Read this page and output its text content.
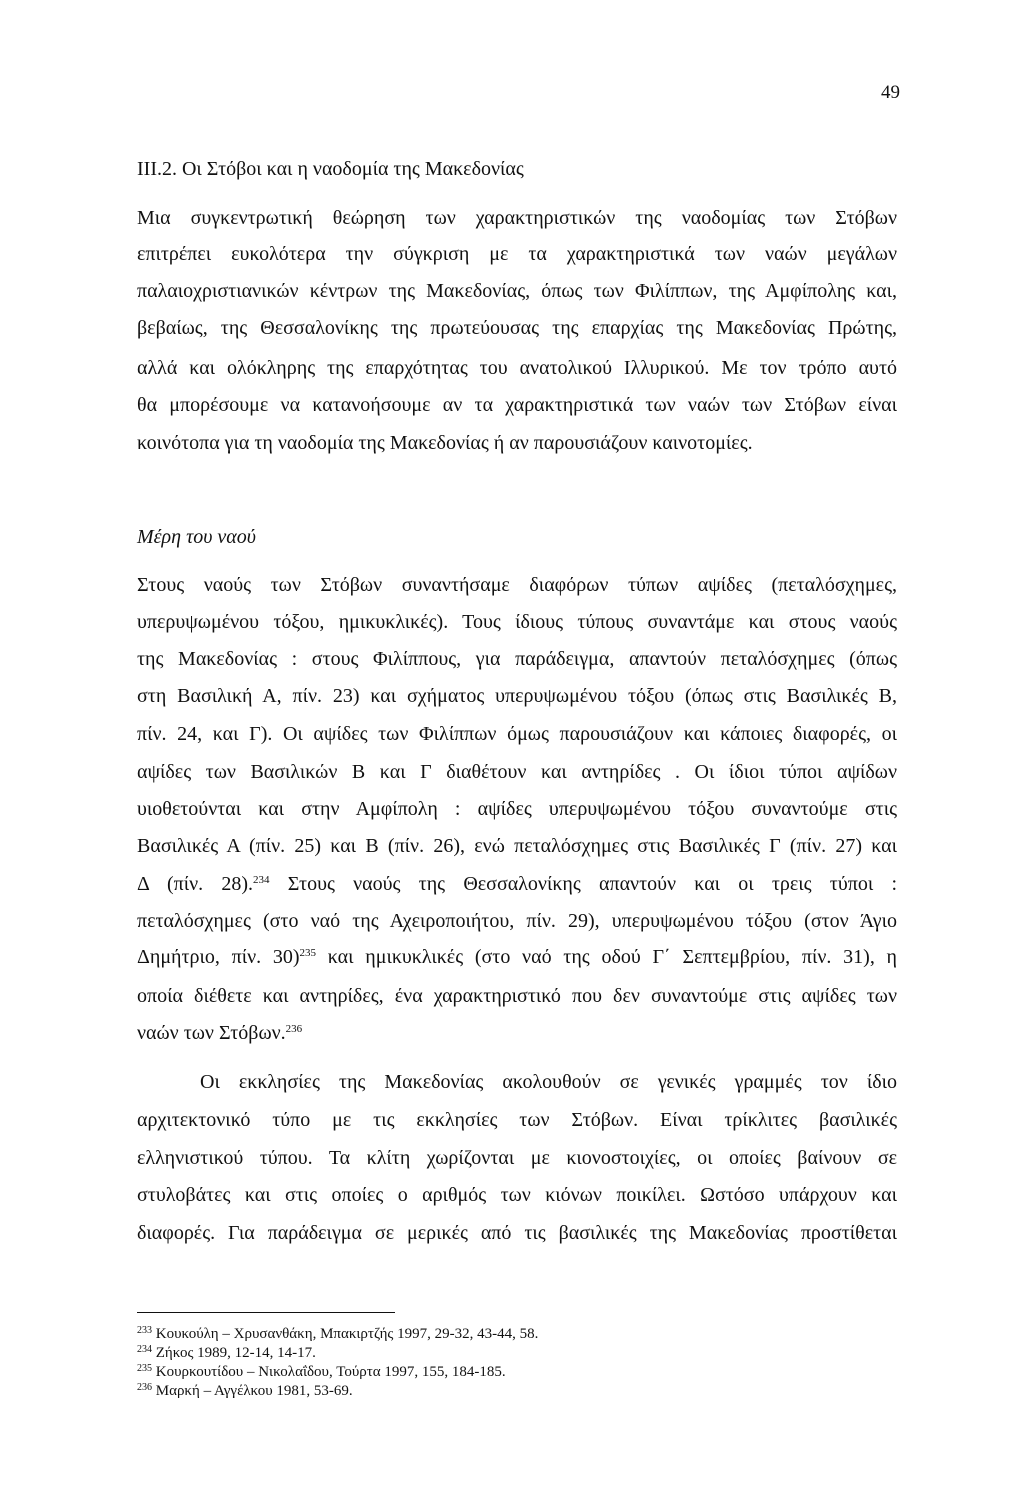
49
III.2. Οι Στόβοι και η ναοδομία της Μακεδονίας
Μια συγκεντρωτική θεώρηση των χαρακτηριστικών της ναοδομίας των Στόβων
επιτρέπει ευκολότερα την σύγκριση με τα χαρακτηριστικά των ναών μεγάλων
παλαιοχριστιανικών κέντρων της Μακεδονίας, όπως των Φιλίππων, της Αμφίπολης και,
βεβαίως, της Θεσσαλονίκης της πρωτεύουσας της επαρχίας της Μακεδονίας Πρώτης,
αλλά και ολόκληρης της επαρχότητας του ανατολικού Ιλλυρικού. Με τον τρόπο αυτό
θα μπορέσουμε να κατανοήσουμε αν τα χαρακτηριστικά των ναών των Στόβων είναι
κοινότοπα για τη ναοδομία της Μακεδονίας ή αν παρουσιάζουν καινοτομίες.
Μέρη του ναού
Στους ναούς των Στόβων συναντήσαμε διαφόρων τύπων αψίδες (πεταλόσχημες,
υπερυψωμένου τόξου, ημικυκλικές). Τους ίδιους τύπους συναντάμε και στους ναούς
της Μακεδονίας : στους Φιλίππους, για παράδειγμα, απαντούν πεταλόσχημες (όπως
στη Βασιλική Α, πίν. 23) και σχήματος υπερυψωμένου τόξου (όπως στις Βασιλικές Β,
πίν. 24, και Γ). Οι αψίδες των Φιλίππων όμως παρουσιάζουν και κάποιες διαφορές, οι
αψίδες των Βασιλικών Β και Γ διαθέτουν και αντηρίδες . Οι ίδιοι τύποι αψίδων
υιοθετούνται και στην Αμφίπολη : αψίδες υπερυψωμένου τόξου συναντούμε στις
Βασιλικές Α (πίν. 25) και Β (πίν. 26), ενώ πεταλόσχημες στις Βασιλικές Γ (πίν. 27) και
Δ (πίν. 28).$^{234}$ Στους ναούς της Θεσσαλονίκης απαντούν και οι τρεις τύποι :
πεταλόσχημες (στο ναό της Αχειροποιήτου, πίν. 29), υπερυψωμένου τόξου (στον Άγιο
Δημήτριο, πίν. 30)$^{235}$ και ημικυκλικές (στο ναό της οδού Γ΄ Σεπτεμβρίου, πίν. 31), η
οποία διέθετε και αντηρίδες, ένα χαρακτηριστικό που δεν συναντούμε στις αψίδες των
ναών των Στόβων.$^{236}$
Οι εκκλησίες της Μακεδονίας ακολουθούν σε γενικές γραμμές τον ίδιο
αρχιτεκτονικό τύπο με τις εκκλησίες των Στόβων. Είναι τρίκλιτες βασιλικές
ελληνιστικού τύπου. Τα κλίτη χωρίζονται με κιονοστοιχίες, οι οποίες βαίνουν σε
στυλοβάτες και στις οποίες ο αριθμός των κιόνων ποικίλει. Ωστόσο υπάρχουν και
διαφορές. Για παράδειγμα σε μερικές από τις βασιλικές της Μακεδονίας προστίθεται
$^{233}$ Κουκούλη – Χρυσανθάκη, Μπακιρτζής 1997, 29-32, 43-44, 58.
$^{234}$ Ζήκος 1989, 12-14, 14-17.
$^{235}$ Κουρκουτίδου – Νικολαΐδου, Τούρτα 1997, 155, 184-185.
$^{236}$ Μαρκή – Αγγέλκου 1981, 53-69.
